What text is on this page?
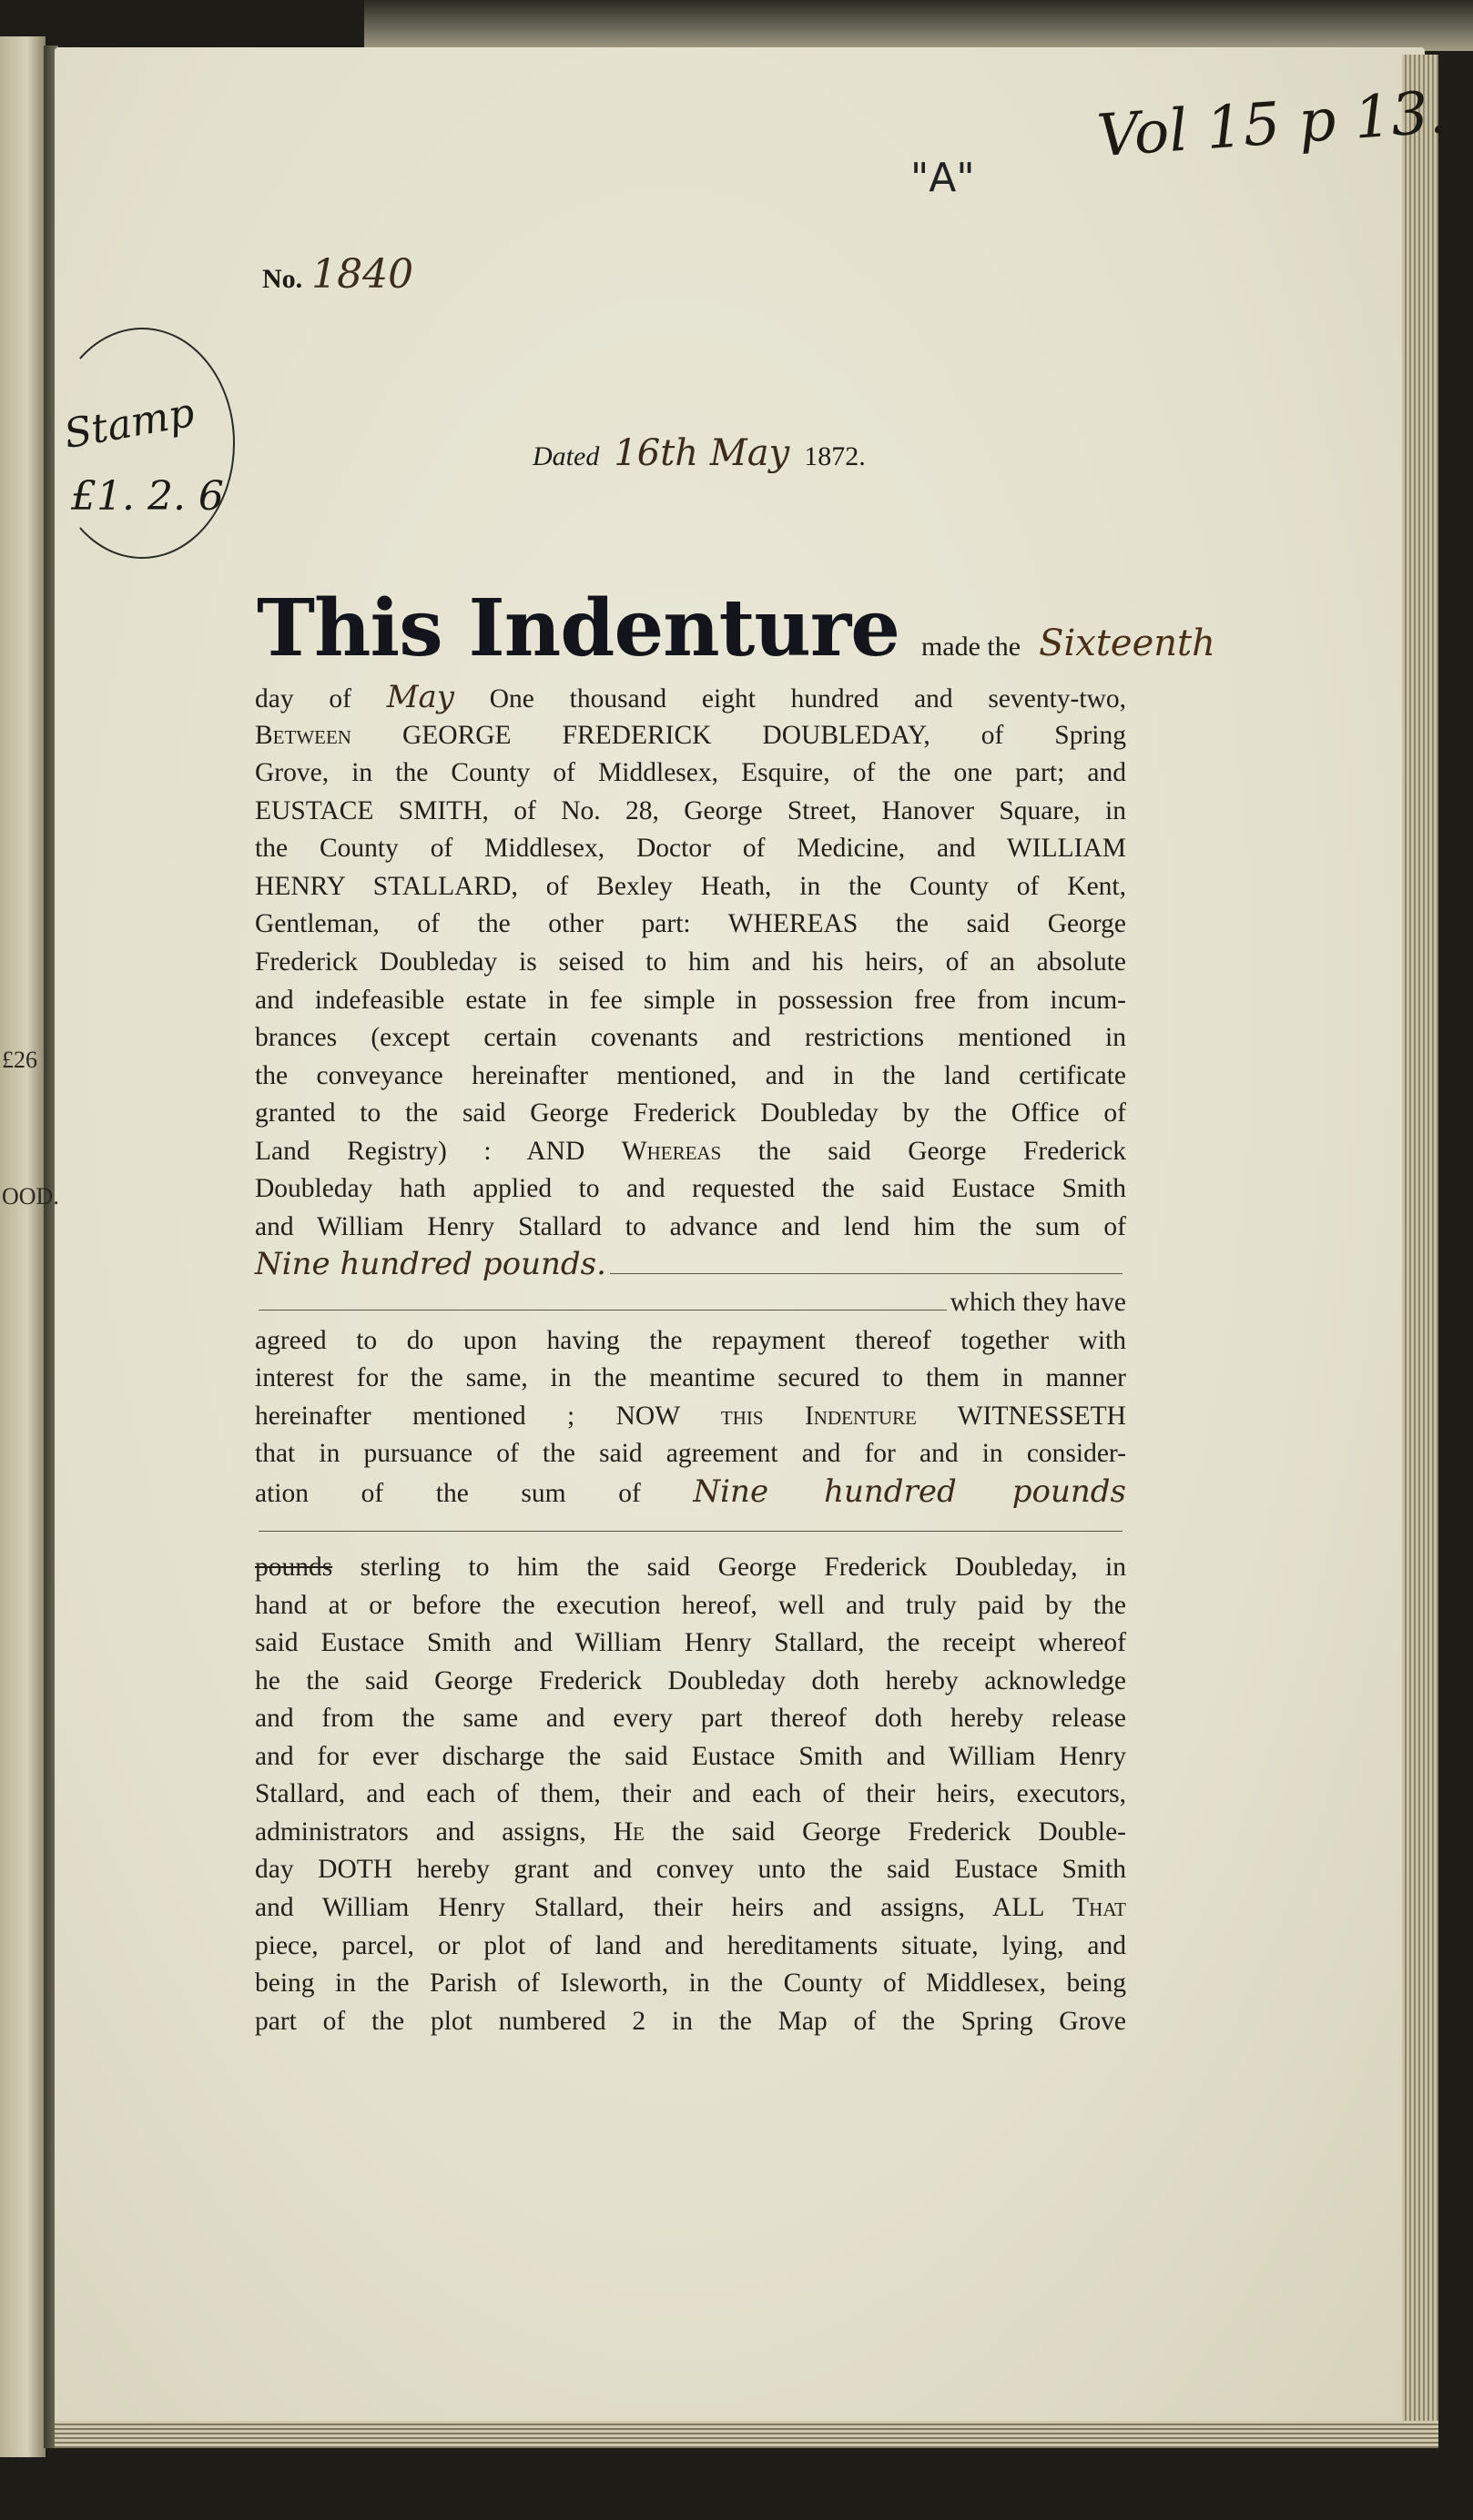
£26
OOD.
Vol 15 p 13.
"A"
No. 1840
Stamp
£1. 2. 6
Dated 16th May 1872.
This Indenture made the Sixteenth
day of May One thousand eight hundred and seventy-two,
Between GEORGE FREDERICK DOUBLEDAY, of Spring
Grove, in the County of Middlesex, Esquire, of the one part; and
EUSTACE SMITH, of No. 28, George Street, Hanover Square, in
the County of Middlesex, Doctor of Medicine, and WILLIAM
HENRY STALLARD, of Bexley Heath, in the County of Kent,
Gentleman, of the other part: WHEREAS the said George
Frederick Doubleday is seised to him and his heirs, of an absolute
and indefeasible estate in fee simple in possession free from incum-
brances (except certain covenants and restrictions mentioned in
the conveyance hereinafter mentioned, and in the land certificate
granted to the said George Frederick Doubleday by the Office of
Land Registry) : AND Whereas the said George Frederick
Doubleday hath applied to and requested the said Eustace Smith
and William Henry Stallard to advance and lend him the sum of
Nine hundred pounds.
which they have
agreed to do upon having the repayment thereof together with
interest for the same, in the meantime secured to them in manner
hereinafter mentioned ; NOW this Indenture WITNESSETH
that in pursuance of the said agreement and for and in consider-
ation of the sum of Nine hundred pounds
pounds sterling to him the said George Frederick Doubleday, in
hand at or before the execution hereof, well and truly paid by the
said Eustace Smith and William Henry Stallard, the receipt whereof
he the said George Frederick Doubleday doth hereby acknowledge
and from the same and every part thereof doth hereby release
and for ever discharge the said Eustace Smith and William Henry
Stallard, and each of them, their and each of their heirs, executors,
administrators and assigns, He the said George Frederick Double-
day DOTH hereby grant and convey unto the said Eustace Smith
and William Henry Stallard, their heirs and assigns, ALL That
piece, parcel, or plot of land and hereditaments situate, lying, and
being in the Parish of Isleworth, in the County of Middlesex, being
part of the plot numbered 2 in the Map of the Spring Grove
